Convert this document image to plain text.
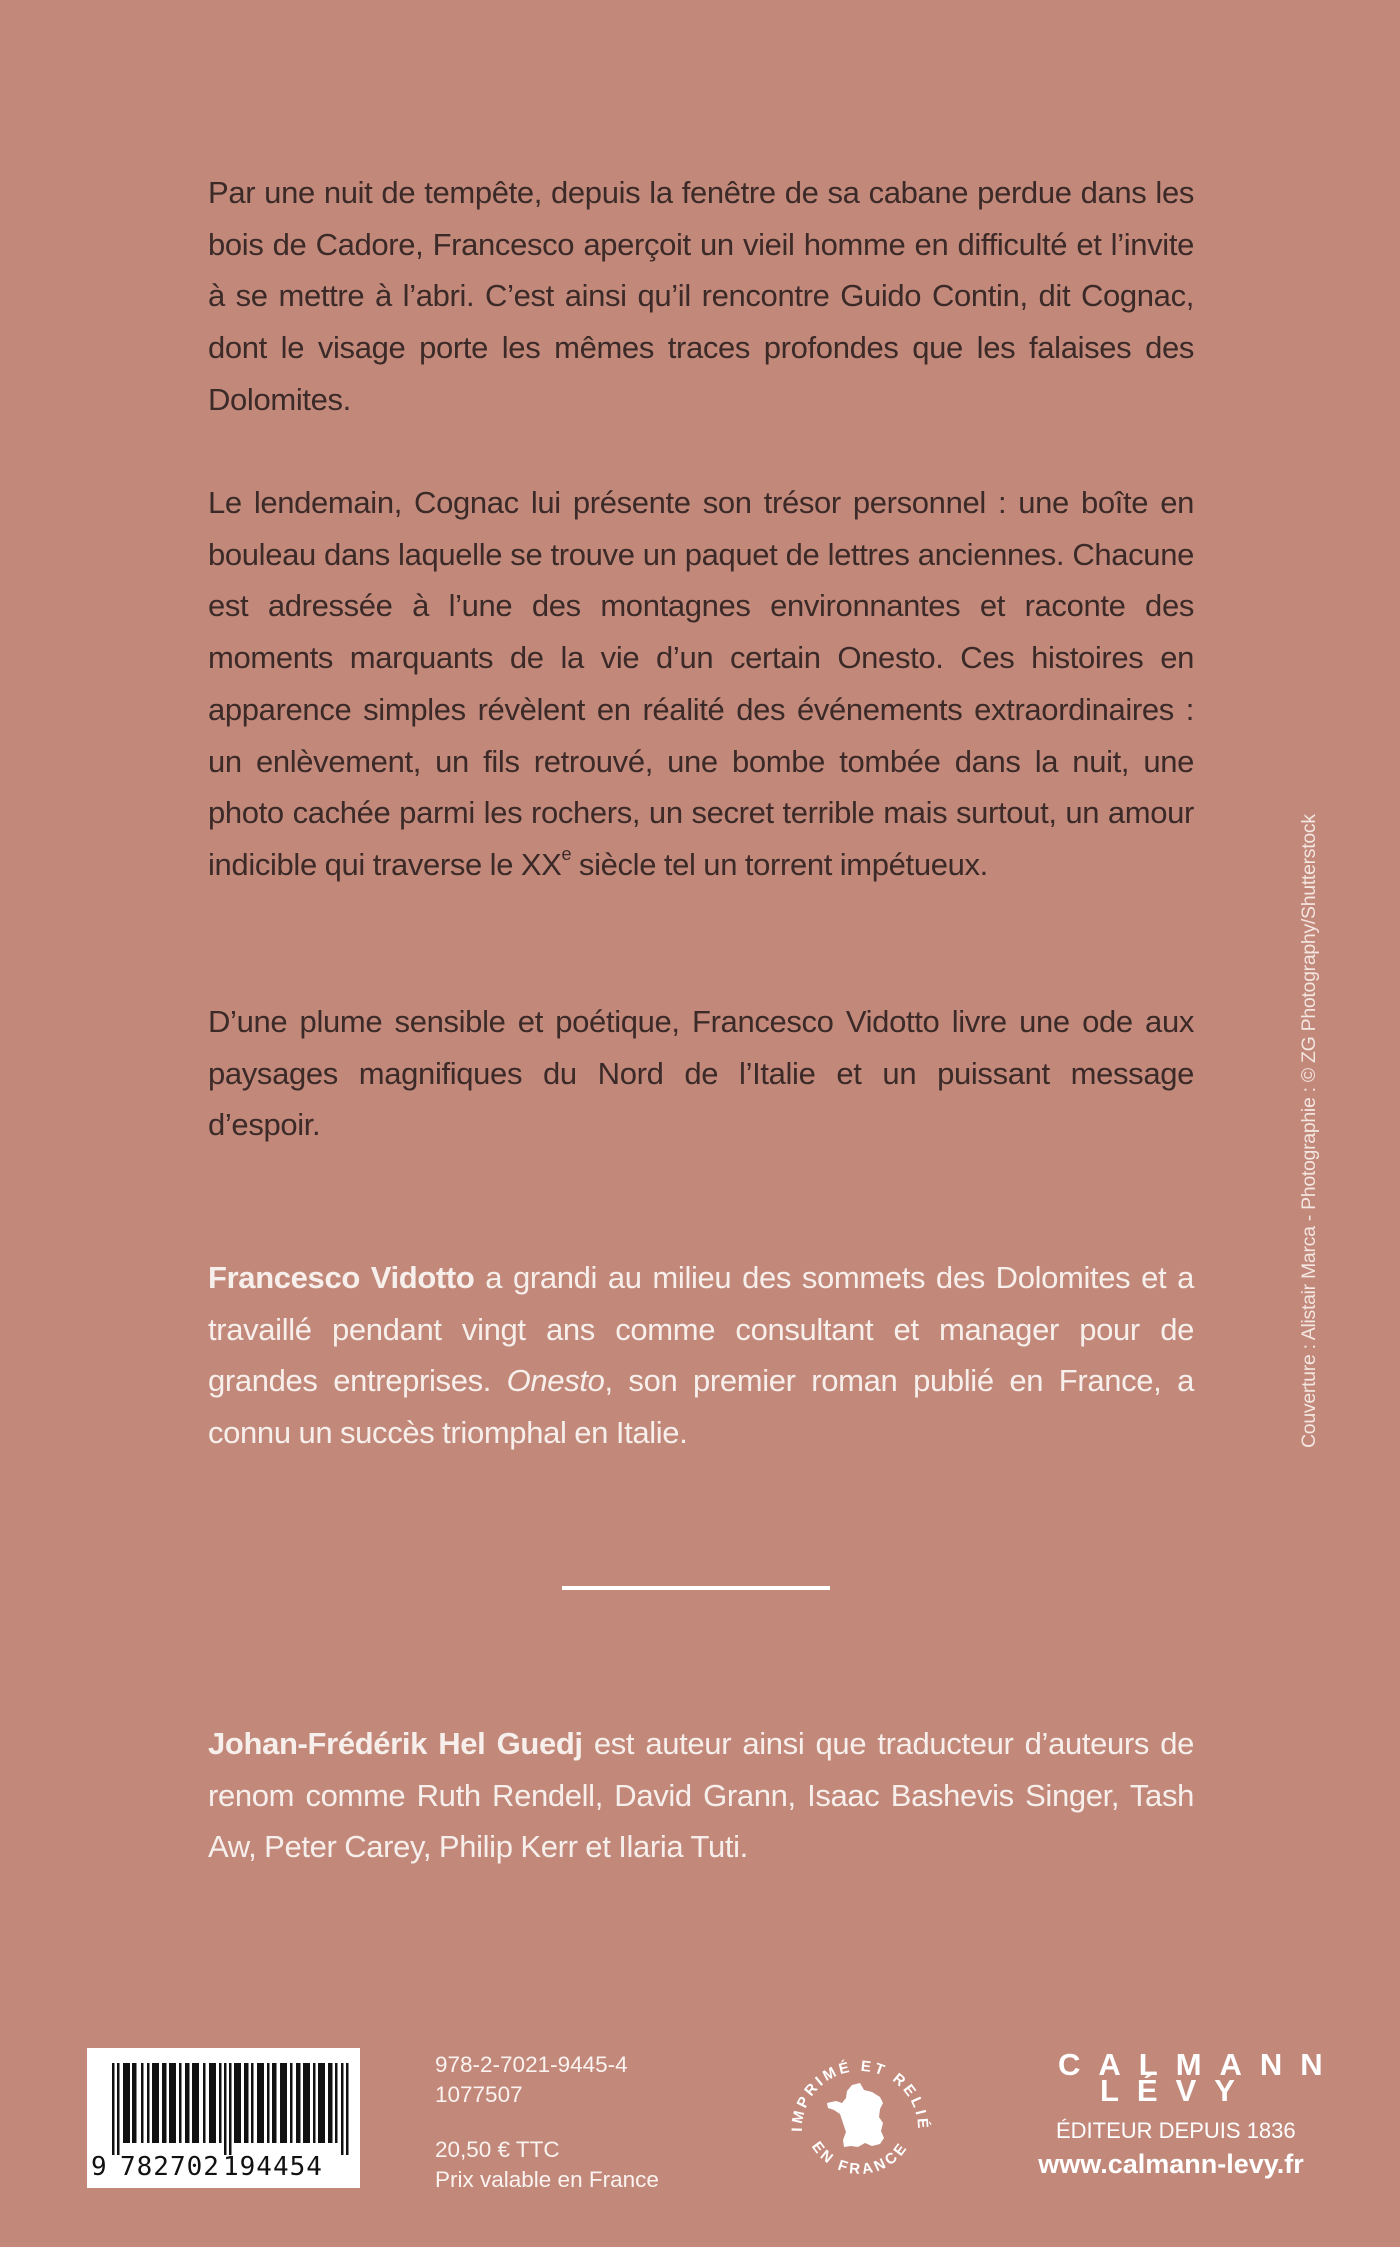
Par une nuit de tempête, depuis la fenêtre de sa cabane perdue dans les bois de Cadore, Francesco aperçoit un vieil homme en difficulté et l’invite à se mettre à l’abri. C’est ainsi qu’il rencontre Guido Contin, dit Cognac, dont le visage porte les mêmes traces profondes que les falaises des Dolomites.

Le lendemain, Cognac lui présente son trésor personnel : une boîte en bouleau dans laquelle se trouve un paquet de lettres anciennes. Chacune est adressée à l’une des montagnes environnantes et raconte des moments marquants de la vie d’un certain Onesto. Ces histoires en apparence simples révèlent en réalité des événements extraordinaires : un enlèvement, un fils retrouvé, une bombe tombée dans la nuit, une photo cachée parmi les rochers, un secret terrible mais surtout, un amour indicible qui traverse le XXe siècle tel un torrent impétueux.

D’une plume sensible et poétique, Francesco Vidotto livre une ode aux paysages magnifiques du Nord de l’Italie et un puissant message d’espoir.

Francesco Vidotto a grandi au milieu des sommets des Dolomites et a travaillé pendant vingt ans comme consultant et manager pour de grandes entreprises. Onesto, son premier roman publié en France, a connu un succès triomphal en Italie.

Johan-Frédérik Hel Guedj est auteur ainsi que traducteur d’auteurs de renom comme Ruth Rendell, David Grann, Isaac Bashevis Singer, Tash Aw, Peter Carey, Philip Kerr et Ilaria Tuti.

Couverture : Alistair Marca - Photographie : © ZG Photography/Shutterstock
9 782702 194454
978-2-7021-9445-4
1077507
20,50 € TTC
Prix valable en France
IMPRIMÉ ET RELIÉ
EN FRANCE
CALMANN
LÉVY
ÉDITEUR DEPUIS 1836
www.calmann-levy.fr
